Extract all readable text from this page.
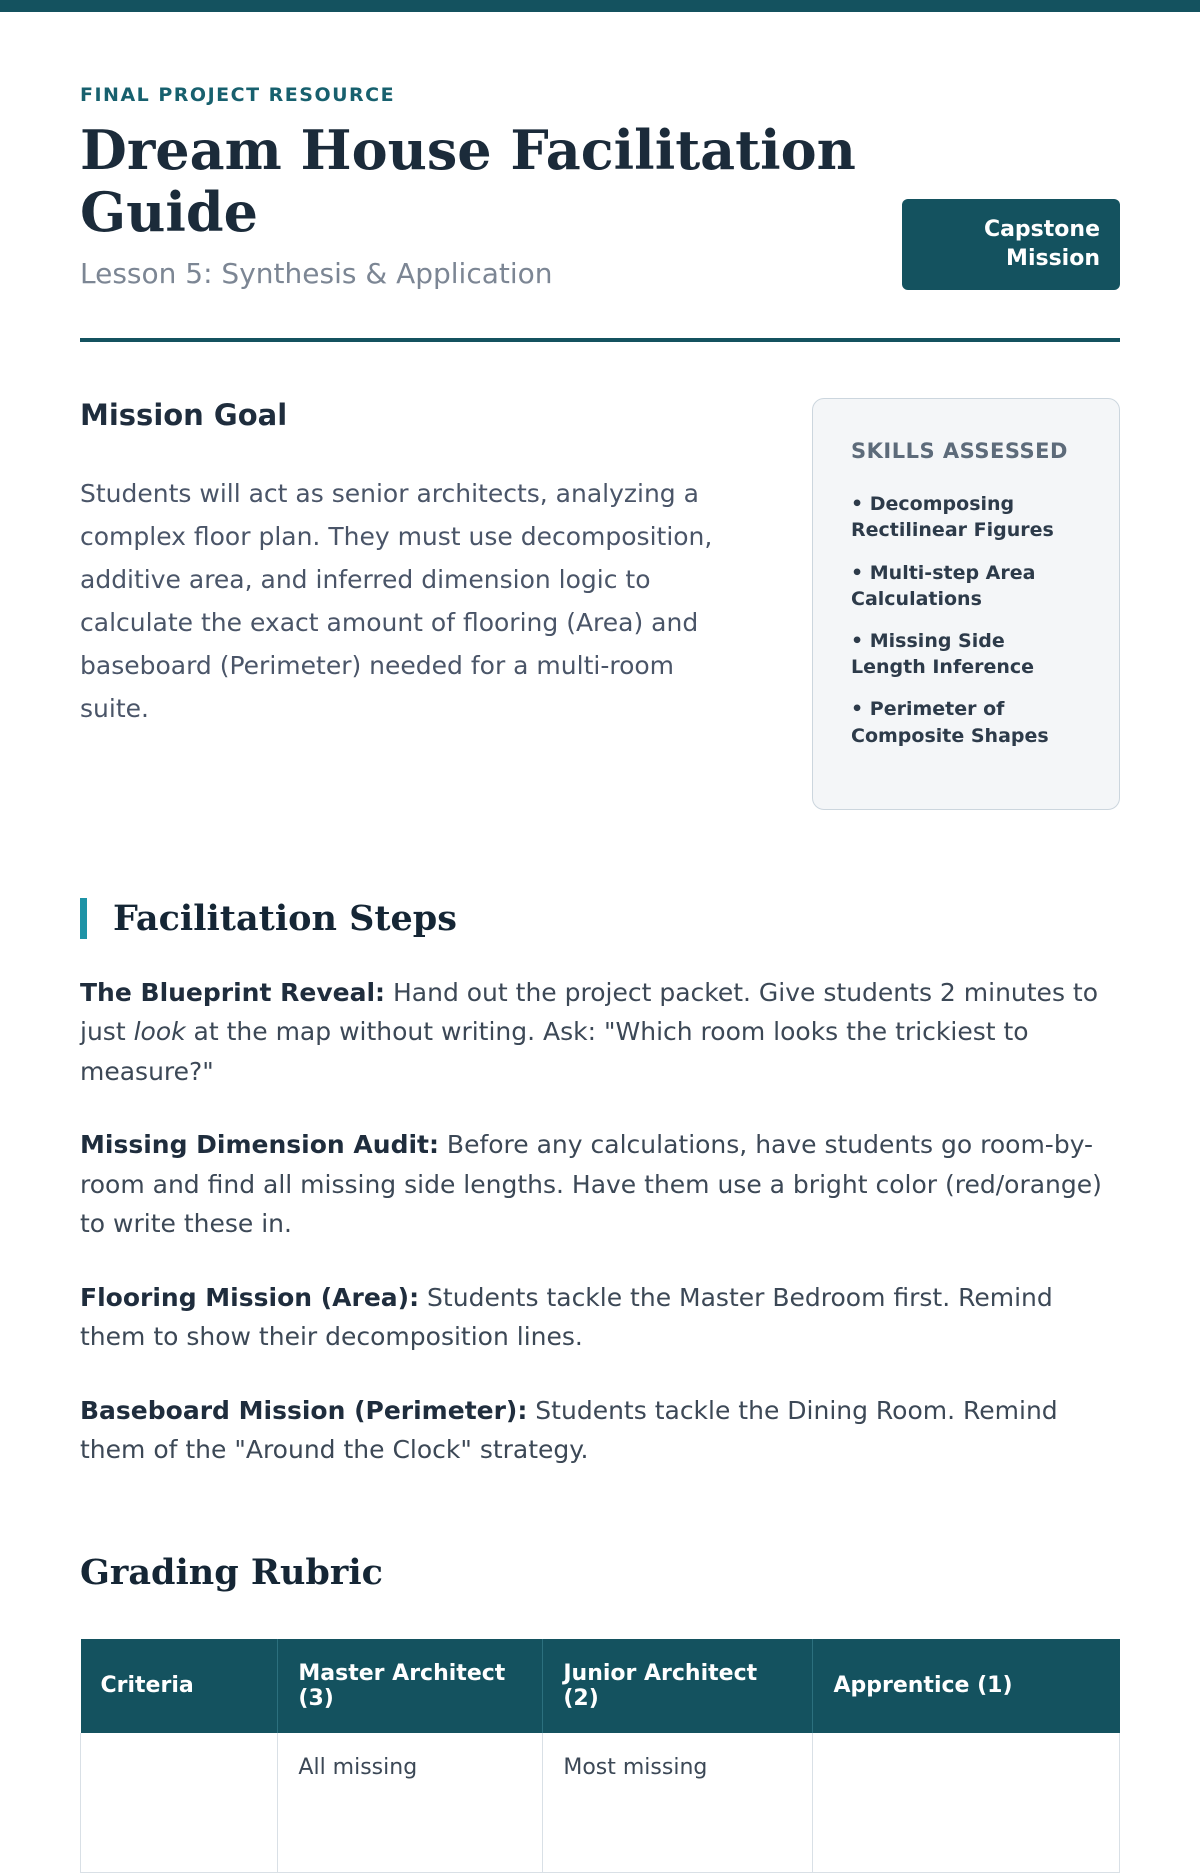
FINAL PROJECT RESOURCE
Dream House Facilitation Guide
Lesson 5: Synthesis & Application
Capstone Mission
Mission Goal

Students will act as senior architects, analyzing a complex floor plan. They must use decomposition, additive area, and inferred dimension logic to calculate the exact amount of flooring (Area) and baseboard (Perimeter) needed for a multi-room suite.

SKILLS ASSESSED
• Decomposing Rectilinear Figures
• Multi-step Area Calculations
• Missing Side Length Inference
• Perimeter of Composite Shapes
Facilitation Steps

The Blueprint Reveal: Hand out the project packet. Give students 2 minutes to just look at the map without writing. Ask: "Which room looks the trickiest to measure?"

Missing Dimension Audit: Before any calculations, have students go room-by-room and find all missing side lengths. Have them use a bright color (red/orange) to write these in.

Flooring Mission (Area): Students tackle the Master Bedroom first. Remind them to show their decomposition lines.

Baseboard Mission (Perimeter): Students tackle the Dining Room. Remind them of the "Around the Clock" strategy.

Grading Rubric
Criteria	Master Architect (3)	Junior Architect (2)	Apprentice (1)
	All missing	Most missing	
